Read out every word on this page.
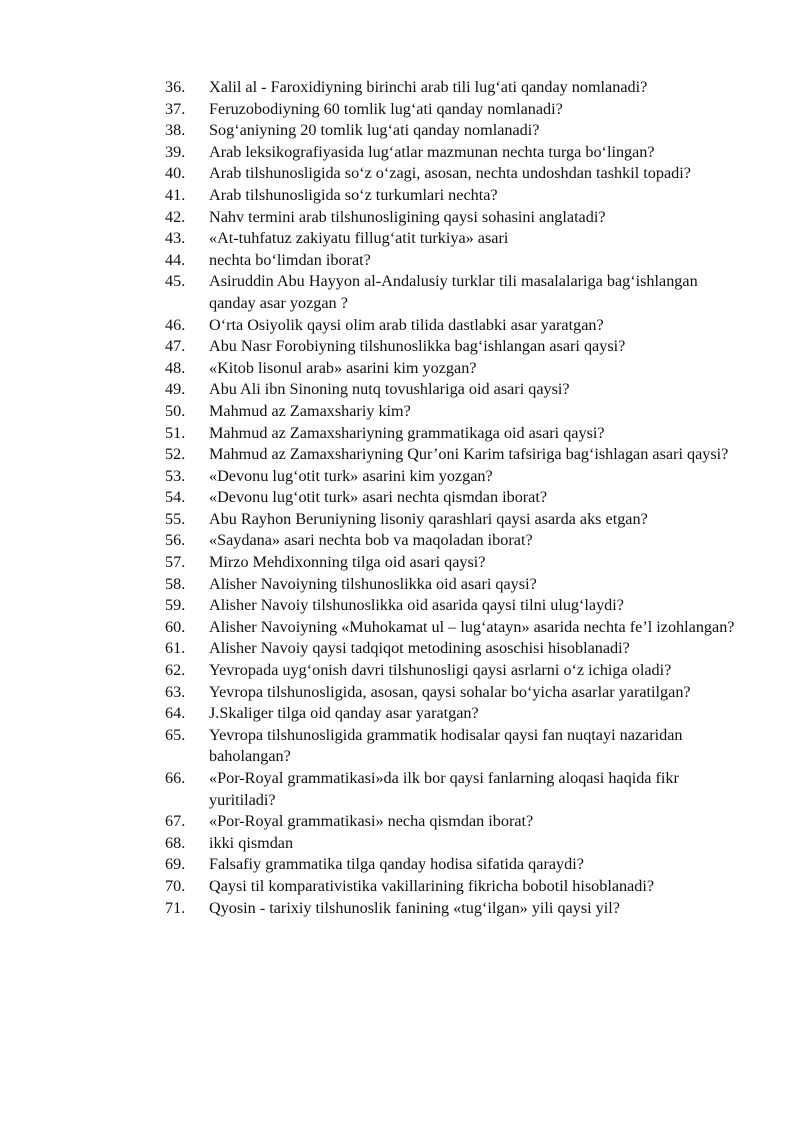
36.	Xalil al - Faroxidiyning birinchi arab tili lug‘ati qanday nomlanadi?
37.	Feruzobodiyning 60 tomlik lug‘ati qanday nomlanadi?
38.	Sog‘aniyning 20 tomlik lug‘ati qanday nomlanadi?
39.	Arab leksikografiyasida lug‘atlar mazmunan nechta turga bo‘lingan?
40.	Arab tilshunosligida so‘z o‘zagi, asosan, nechta undoshdan tashkil topadi?
41.	Arab tilshunosligida so‘z turkumlari nechta?
42.	Nahv termini arab tilshunosligining qaysi sohasini anglatadi?
43.	«At-tuhfatuz zakiyatu fillug‘atit turkiya» asari
44.	nechta bo‘limdan iborat?
45.	Asiruddin Abu Hayyon al-Andalusiy turklar tili masalalariga bag‘ishlangan qanday asar yozgan ?
46.	O‘rta Osiyolik qaysi olim arab tilida dastlabki asar yaratgan?
47.	Abu Nasr Forobiyning tilshunoslikka bag‘ishlangan asari qaysi?
48.	«Kitob lisonul arab» asarini kim yozgan?
49.	Abu Ali ibn Sinoning nutq tovushlariga oid asari qaysi?
50.	Mahmud az Zamaxshariy kim?
51.	Mahmud az Zamaxshariyning grammatikaga oid asari qaysi?
52.	Mahmud az Zamaxshariyning Qur’oni Karim tafsiriga bag‘ishlagan asari qaysi?
53.	«Devonu lug‘otit turk» asarini kim yozgan?
54.	«Devonu lug‘otit turk» asari nechta qismdan iborat?
55.	Abu Rayhon Beruniyning lisoniy qarashlari qaysi asarda aks etgan?
56.	«Saydana» asari nechta bob va maqoladan iborat?
57.	Mirzo Mehdixonning tilga oid asari qaysi?
58.	Alisher Navoiyning tilshunoslikka oid asari qaysi?
59.	Alisher Navoiy tilshunoslikka oid asarida qaysi tilni ulug‘laydi?
60.	Alisher Navoiyning «Muhokamat ul – lug‘atayn» asarida nechta fe’l izohlangan?
61.	Alisher Navoiy qaysi tadqiqot metodining asoschisi hisoblanadi?
62.	Yevropada uyg‘onish davri tilshunosligi qaysi asrlarni o‘z ichiga oladi?
63.	Yevropa tilshunosligida, asosan, qaysi sohalar bo‘yicha asarlar yaratilgan?
64.	J.Skaliger tilga oid qanday asar yaratgan?
65.	Yevropa tilshunosligida grammatik hodisalar qaysi fan nuqtayi nazaridan baholangan?
66.	«Por-Royal grammatikasi»da ilk bor qaysi fanlarning aloqasi haqida fikr yuritiladi?
67.	«Por-Royal grammatikasi» necha qismdan iborat?
68.	ikki qismdan
69.	Falsafiy grammatika tilga qanday hodisa sifatida qaraydi?
70.	Qaysi til komparativistika vakillarining fikricha bobotil hisoblanadi?
71.	Qyosin - tarixiy tilshunoslik fanining «tug‘ilgan» yili qaysi yil?
